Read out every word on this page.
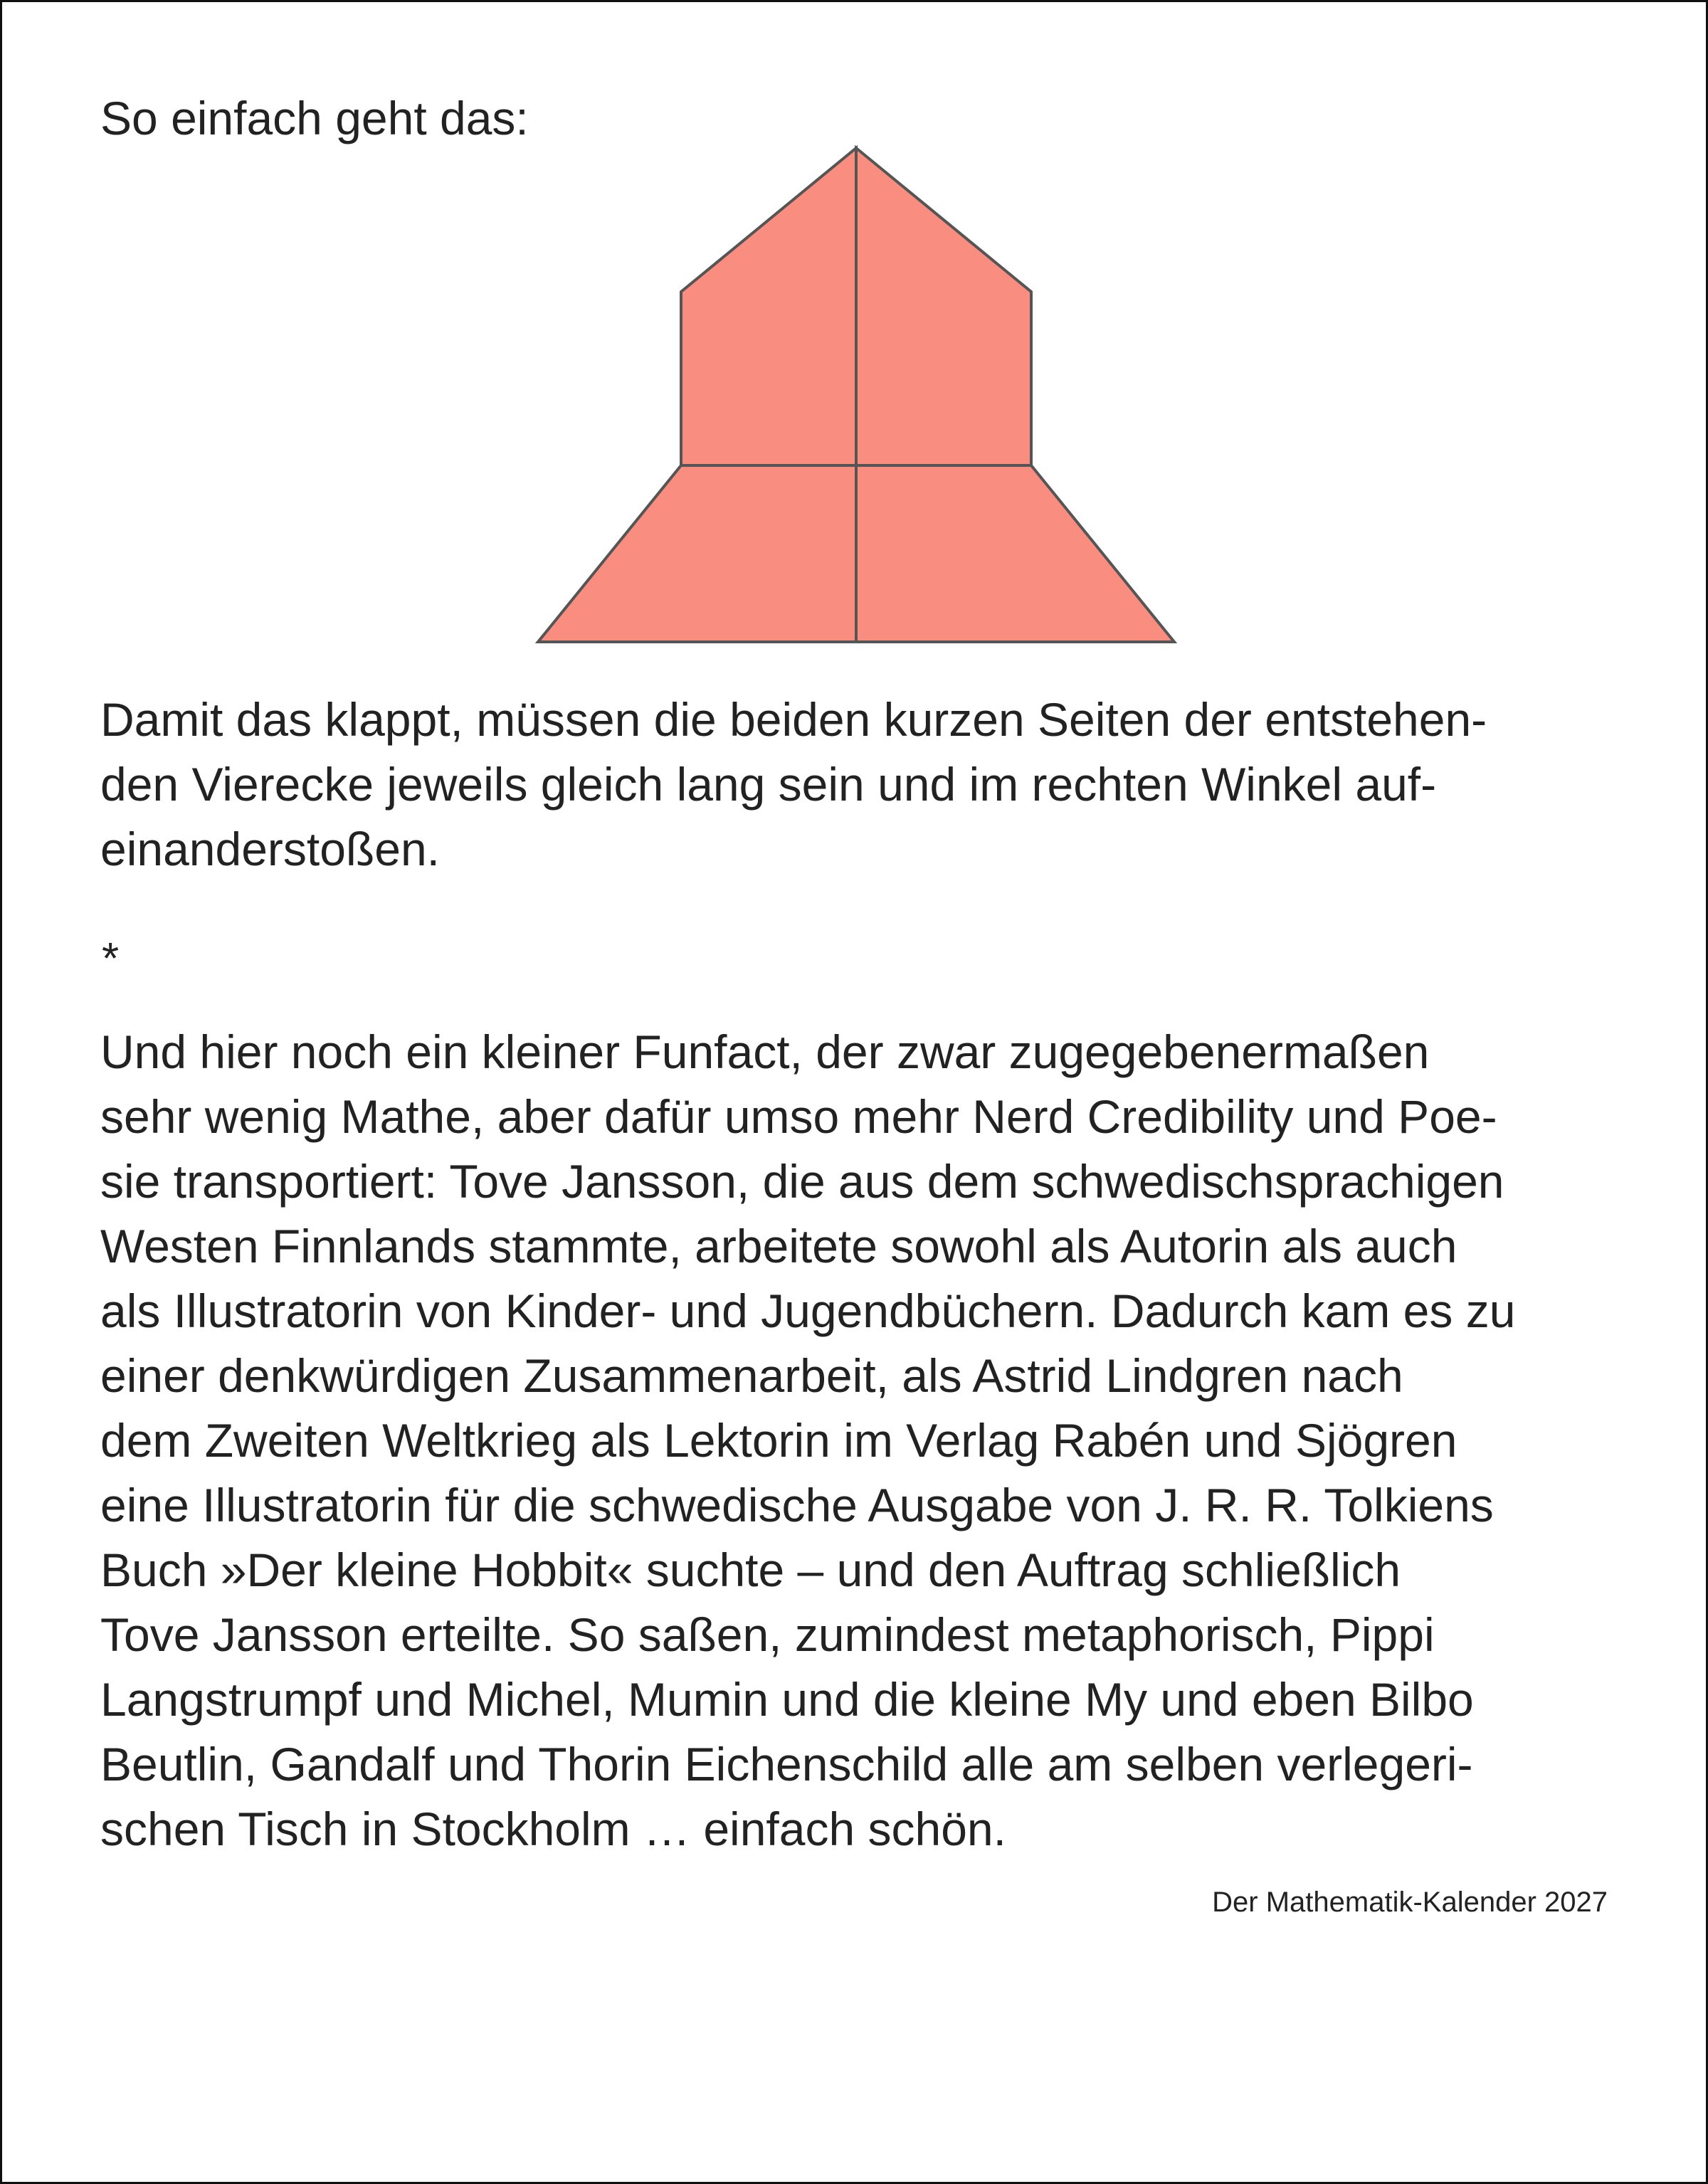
So einfach geht das:

Damit das klappt, müssen die beiden kurzen Seiten der entstehen-
den Vierecke jeweils gleich lang sein und im rechten Winkel auf-
einanderstoßen.

*

Und hier noch ein kleiner Funfact, der zwar zugegebenermaßen
sehr wenig Mathe, aber dafür umso mehr Nerd Credibility und Poe-
sie transportiert: Tove Jansson, die aus dem schwedischsprachigen
Westen Finnlands stammte, arbeitete sowohl als Autorin als auch
als Illustratorin von Kinder- und Jugendbüchern. Dadurch kam es zu
einer denkwürdigen Zusammenarbeit, als Astrid Lindgren nach
dem Zweiten Weltkrieg als Lektorin im Verlag Rabén und Sjögren
eine Illustratorin für die schwedische Ausgabe von J. R. R. Tolkiens
Buch »Der kleine Hobbit« suchte – und den Auftrag schließlich
Tove Jansson erteilte. So saßen, zumindest metaphorisch, Pippi
Langstrumpf und Michel, Mumin und die kleine My und eben Bilbo
Beutlin, Gandalf und Thorin Eichenschild alle am selben verlegeri-
schen Tisch in Stockholm … einfach schön.

Der Mathematik-Kalender 2027
